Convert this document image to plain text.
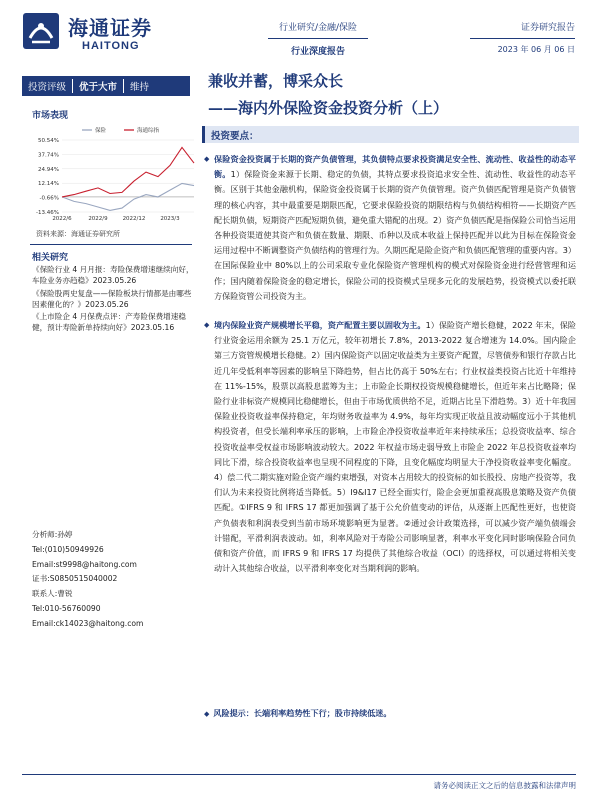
海通证券
HAITONG
行业研究/金融/保险
行业深度报告
证券研究报告
2023 年 06 月 06 日
投资评级	优于大市	维持
市场表现
50.54%
37.74%
24.94%
12.14%
-0.66%
-13.46%
2022/6	2022/9	2022/12	2023/3
保险	海通综指
资料来源：海通证券研究所
相关研究
《保险行业 4 月月报：寿险保费增速继续向好，车险业务亦趋稳》2023.05.26
《保险股两史复盘——保险板块行情都是由哪些因素催化的？》2023.05.26
《上市险企 4 月保费点评：产寿险保费增速稳健，预计寿险新单持续向好》2023.05.16
分析师:孙婷
Tel:(010)50949926
Email:st9998@haitong.com
证书:S0850515040002
联系人:曹锐
Tel:010-56760090
Email:ck14023@haitong.com
兼收并蓄，博采众长
——海内外保险资金投资分析（上）
投资要点：
◆ 保险资金投资属于长期的资产负债管理，其负债特点要求投资满足安全性、流动性、收益性的动态平衡。1）保险资金来源于长期、稳定的负债，其特点要求投资追求安全性、流动性、收益性的动态平衡。区别于其他金融机构，保险资金投资属于长期的资产负债管理。资产负债匹配管理是资产负债管理的核心内容，其中最重要是期限匹配，它要求保险投资的期限结构与负债结构相符——长期资产匹配长期负债，短期资产匹配短期负债，避免重大错配的出现。2）资产负债匹配是指保险公司恰当运用各种投资渠道使其资产和负债在数量、期限、币种以及成本收益上保持匹配并以此为目标在保险资金运用过程中不断调整资产负债结构的管理行为。久期匹配是险企资产和负债匹配管理的重要内容。3）在国际保险业中 80%以上的公司采取专业化保险资产管理机构的模式对保险资金进行经营管理和运作；国内随着保险资金的稳定增长，保险公司的投资模式呈现多元化的发展趋势，投资模式以委托联方保险资管公司投资为主。
◆ 境内保险业资产规模增长平稳，资产配置主要以固收为主。1）保险资产增长稳健，2022 年末，保险行业资金运用余额为 25.1 万亿元，较年初增长 7.8%，2013-2022 复合增速为 14.0%。国内险企第三方资管规模增长稳健。2）国内保险资产以固定收益类为主要资产配置，尽管债券和银行存款占比近几年受低利率等因素的影响呈下降趋势，但占比仍高于 50%左右；行业权益类投资占比近十年维持在 11%-15%，股票以高股息蓝筹为主；上市险企长期权投资规模稳健增长，但近年来占比略降；保险行业非标资产规模同比稳健增长，但由于市场优质供给不足，近期占比呈下滑趋势。3）近十年我国保险业投资收益率保持稳定，年均财务收益率为 4.9%，每年均实现正收益且波动幅度远小于其他机构投资者，但受长端利率承压的影响，上市险企净投资收益率近年来持续承压；总投资收益率、综合投资收益率受权益市场影响波动较大。2022 年权益市场走弱导致上市险企 2022 年总投资收益率均同比下滑，综合投资收益率也呈现不同程度的下降，且变化幅度均明显大于净投资收益率变化幅度。4）偿二代二期实施对险企资产端约束增强，对资本占用较大的投资标的如长股投、房地产投资等，我们认为未来投资比例将适当降低。5）I9&I17 已经全面实行，险企会更加重视高股息策略及资产负债匹配。①IFRS 9 和 IFRS 17 都更加强调了基于公允价值变动的评估，从逐渐上匹配性更好，也使资产负债表和利润表受到当前市场环境影响更为显著。②通过会计政策选择，可以减少资产端负债端会计错配，平滑利润表波动。如，利率风险对于寿险公司影响显著，利率水平变化同时影响保险合同负债和资产价值，而 IFRS 9 和 IFRS 17 均提供了其他综合收益（OCI）的选择权，可以通过将相关变动计入其他综合收益，以平滑利率变化对当期利润的影响。
◆ 风险提示：长端利率趋势性下行；股市持续低迷。
请务必阅读正文之后的信息披露和法律声明
